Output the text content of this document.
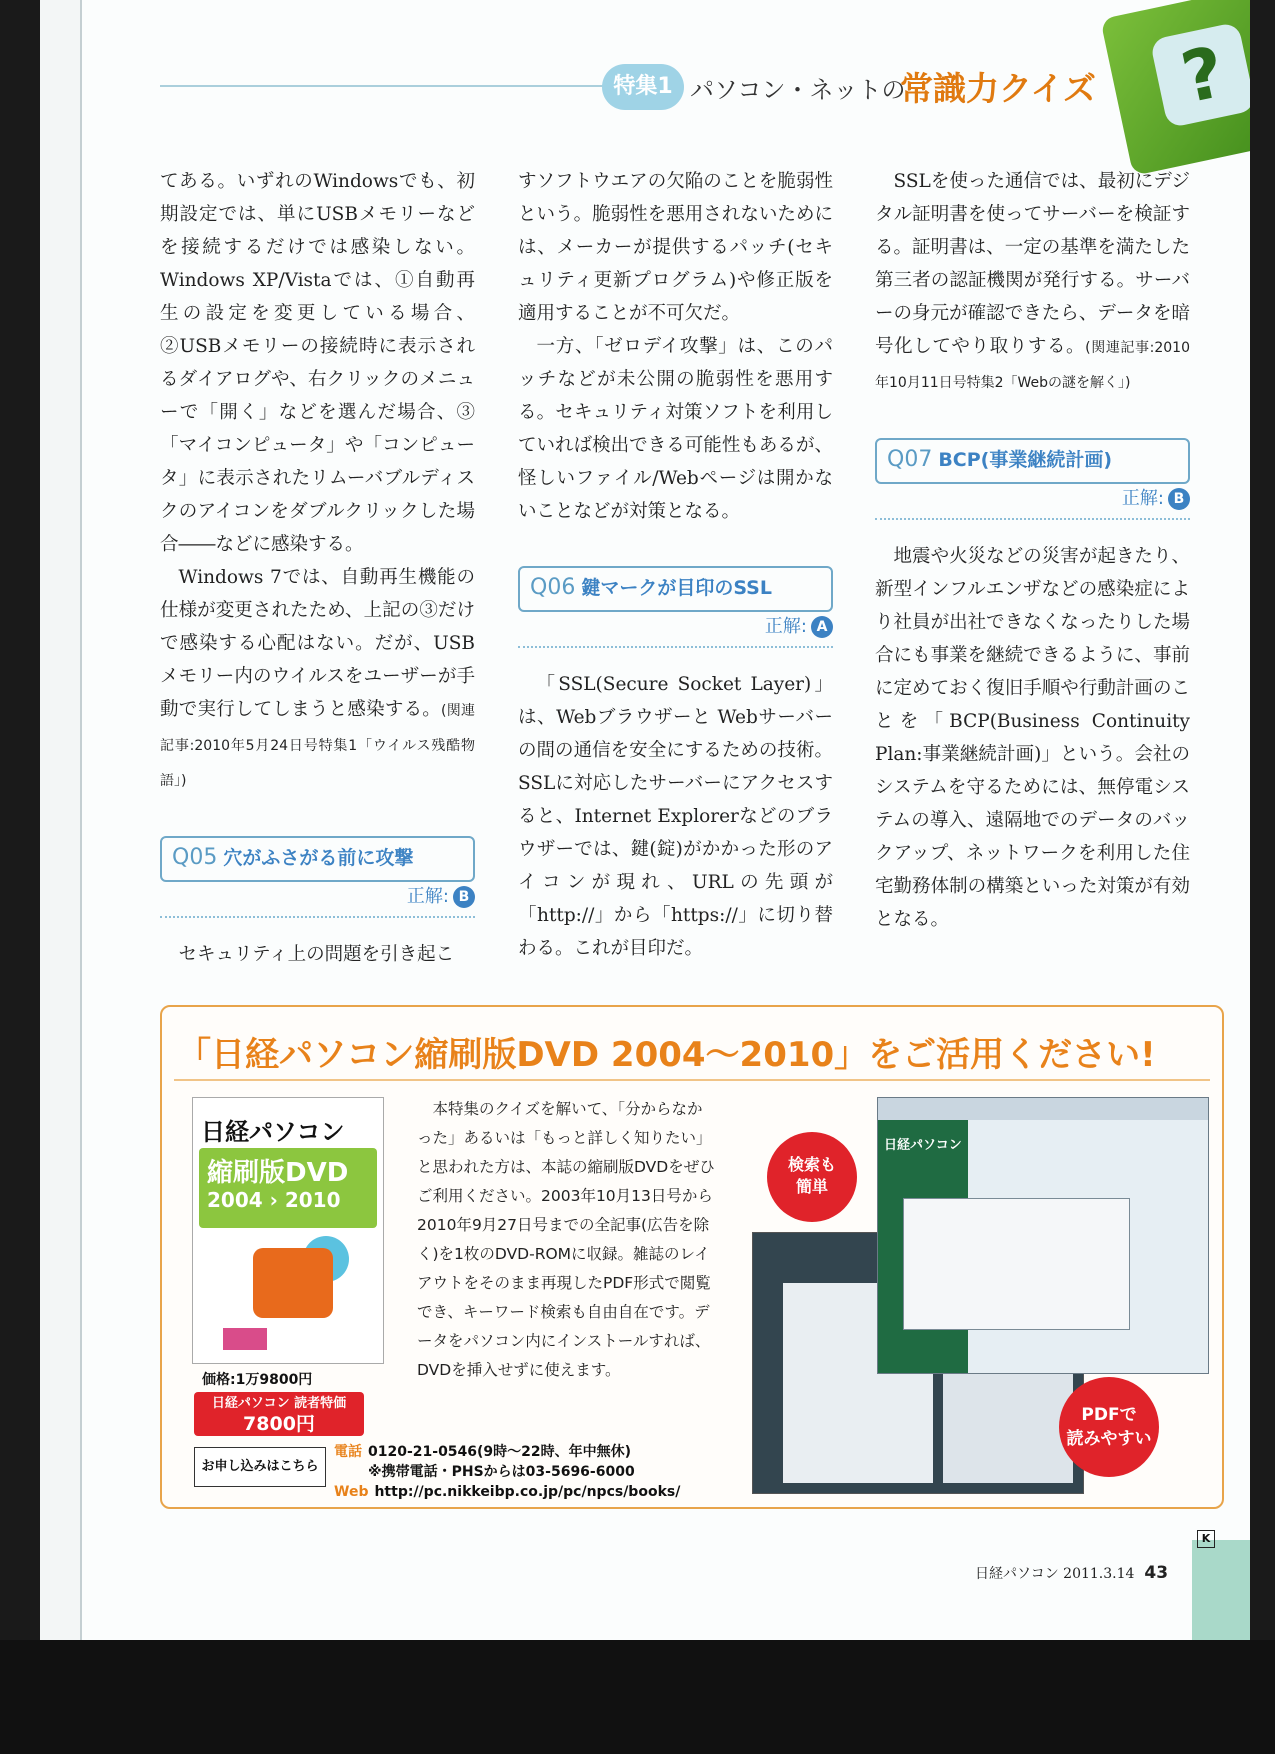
?
特集1 パソコン・ネットの
常識力クイズ

てある。いずれのWindowsでも、初期設定では、単にUSBメモリーなどを接続するだけでは感染しない。Windows XP/Vistaでは、①自動再生の設定を変更している場合、②USBメモリーの接続時に表示されるダイアログや、右クリックのメニューで「開く」などを選んだ場合、③「マイコンピュータ」や「コンピュータ」に表示されたリムーバブルディスクのアイコンをダブルクリックした場合――などに感染する。

Windows 7では、自動再生機能の仕様が変更されたため、上記の③だけで感染する心配はない。だが、USBメモリー内のウイルスをユーザーが手動で実行してしまうと感染する。(関連記事:2010年5月24日号特集1「ウイルス残酷物語」)

Q05 穴がふさがる前に攻撃
正解: B

セキュリティ上の問題を引き起こ

すソフトウエアの欠陥のことを脆弱性という。脆弱性を悪用されないためには、メーカーが提供するパッチ(セキュリティ更新プログラム)や修正版を適用することが不可欠だ。

一方、「ゼロデイ攻撃」は、このパッチなどが未公開の脆弱性を悪用する。セキュリティ対策ソフトを利用していれば検出できる可能性もあるが、怪しいファイル/Webページは開かないことなどが対策となる。

Q06 鍵マークが目印のSSL
正解: A

「SSL(Secure Socket Layer)」は、Webブラウザーと Webサーバーの間の通信を安全にするための技術。SSLに対応したサーバーにアクセスすると、Internet Explorerなどのブラウザーでは、鍵(錠)がかかった形のアイコンが現れ、URLの先頭が「http://」から「https://」に切り替わる。これが目印だ。

SSLを使った通信では、最初にデジタル証明書を使ってサーバーを検証する。証明書は、一定の基準を満たした第三者の認証機関が発行する。サーバーの身元が確認できたら、データを暗号化してやり取りする。(関連記事:2010年10月11日号特集2「Webの謎を解く」)

Q07 BCP(事業継続計画)
正解: B

地震や火災などの災害が起きたり、新型インフルエンザなどの感染症により社員が出社できなくなったりした場合にも事業を継続できるように、事前に定めておく復旧手順や行動計画のことを「BCP(Business Continuity Plan:事業継続計画)」という。会社のシステムを守るためには、無停電システムの導入、遠隔地でのデータのバックアップ、ネットワークを利用した住宅勤務体制の構築といった対策が有効となる。

「日経パソコン縮刷版DVD 2004〜2010」をご活用ください!
日経パソコン
縮刷版DVD
2004 › 2010
価格:1万9800円
日経パソコン 読者特価
7800円
お申し込みはこちら
電話 0120-21-0546(9時〜22時、年中無休)
※携帯電話・PHSからは03-5696-6000
Web http://pc.nikkeibp.co.jp/pc/npcs/books/

本特集のクイズを解いて、「分からなかった」あるいは「もっと詳しく知りたい」と思われた方は、本誌の縮刷版DVDをぜひご利用ください。2003年10月13日号から2010年9月27日号までの全記事(広告を除く)を1枚のDVD-ROMに収録。雑誌のレイアウトをそのまま再現したPDF形式で閲覧でき、キーワード検索も自由自在です。データをパソコン内にインストールすれば、DVDを挿入せずに使えます。

日経パソコン
検索も
簡単
PDFで
読みやすい
K
日経パソコン 2011.3.14 43
